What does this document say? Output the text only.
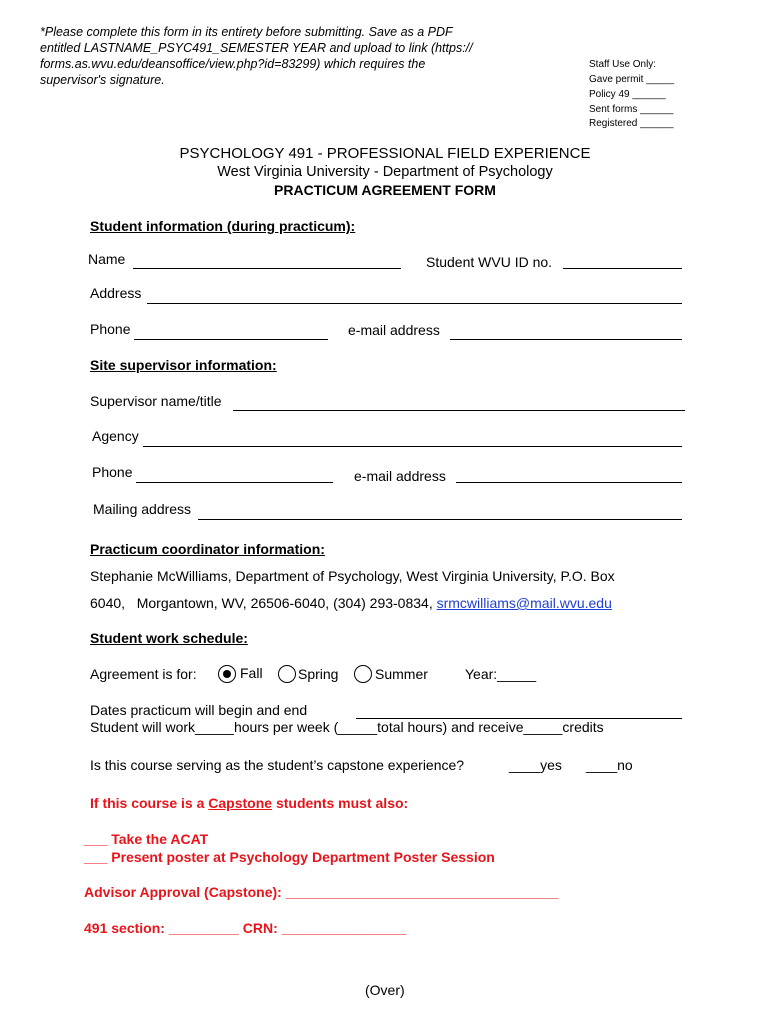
*Please complete this form in its entirety before submitting. Save as a PDF
entitled LASTNAME_PSYC491_SEMESTER YEAR and upload to link (https://
forms.as.wvu.edu/deansoffice/view.php?id=83299) which requires the
supervisor's signature.
Staff Use Only:
Gave permit _____
Policy 49 ______
Sent forms ______
Registered ______
PSYCHOLOGY 491 - PROFESSIONAL FIELD EXPERIENCE
West Virginia University - Department of Psychology
PRACTICUM AGREEMENT FORM
Student information (during practicum):
Name	Student WVU ID no.
Address
Phone	e-mail address
Site supervisor information:
Supervisor name/title
Agency
Phone	e-mail address
Mailing address
Practicum coordinator information:
Stephanie McWilliams, Department of Psychology, West Virginia University, P.O. Box
6040,   Morgantown, WV, 26506-6040, (304) 293-0834, srmcwilliams@mail.wvu.edu
Student work schedule:
Agreement is for:	Fall	Spring	Summer	Year:_____
Dates practicum will begin and end
Student will work_____hours per week (_____total hours) and receive_____credits
Is this course serving as the student’s capstone experience?	____yes ____no
If this course is a Capstone students must also:
___ Take the ACAT
___ Present poster at Psychology Department Poster Session
Advisor Approval (Capstone): ___________________________________
491 section: _________ CRN: ________________
(Over)
